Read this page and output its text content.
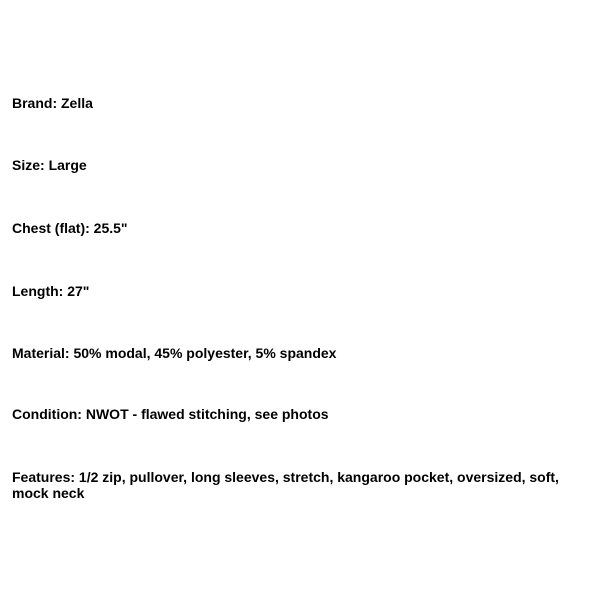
Brand: Zella
Size: Large
Chest (flat): 25.5"
Length: 27"
Material: 50% modal, 45% polyester, 5% spandex
Condition: NWOT - flawed stitching, see photos
Features: 1/2 zip, pullover, long sleeves, stretch, kangaroo pocket, oversized, soft, mock neck
